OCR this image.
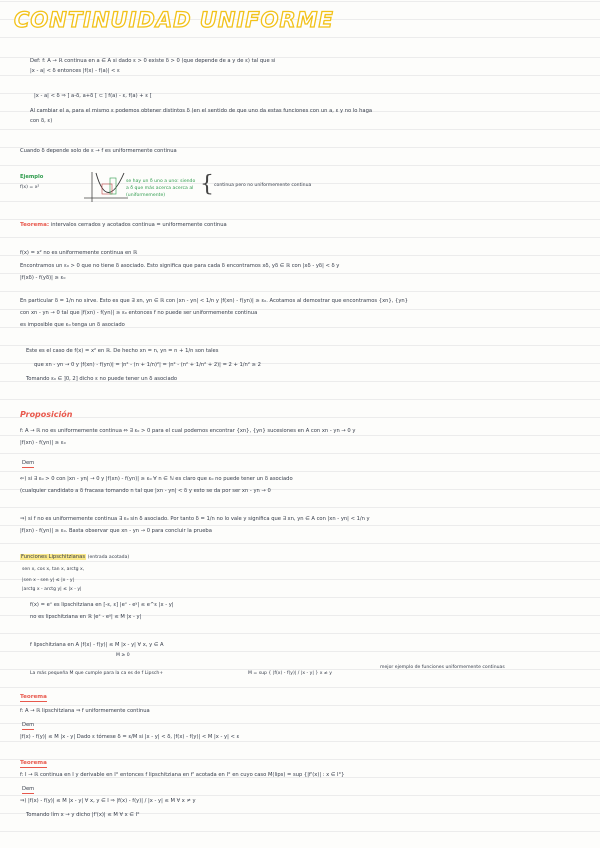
CONTINUIDAD UNIFORME
Def: f: A → ℝ continua en a ∈ A si dado ε > 0 existe δ > 0 (que depende de a y de ε) tal que si
|x - a| < δ entonces |f(x) - f(a)| < ε
|x - a| < δ ⇒ ] a-δ, a+δ [ ⊂ ] f(a) - ε, f(a) + ε [
Al cambiar el a, para el mismo ε podemos obtener distintos δ (en el sentido de que uno da estas funciones con un a, ε y no lo haga
con δ, ε)
Cuando δ depende solo de ε → f es uniformemente continua
Ejemplo
f(x) = x²
se hay un δ uno a uno: siendo
a δ que más acerca acerca al
(uniformemente) { continua pero no uniformemente continua
Teorema: intervalos cerrados y acotados continua = uniformemente continua
f(x) = x² no es uniformemente continua en ℝ
Encontramos un ε₀ > 0 que no tiene δ asociado. Esto significa que para cada δ encontramos xδ, yδ ∈ ℝ con |xδ - yδ| < δ y
|f(xδ) - f(yδ)| ≥ ε₀
En particular δ = 1/n no sirve. Esto es que ∃ xn, yn ∈ ℝ con |xn - yn| < 1/n y |f(xn) - f(yn)| ≥ ε₀. Acotamos al demostrar que encontramos {xn}, {yn}
con xn - yn → 0 tal que |f(xn) - f(yn)| ≥ ε₀ entonces f no puede ser uniformemente continua
es imposible que ε₀ tenga un δ asociado
Este es el caso de f(x) = x² en ℝ. De hecho xn = n, yn = n + 1/n son tales
que xn - yn → 0 y |f(xn) - f(yn)| = |n² - (n + 1/n)²| = |n² - (n² + 1/n² + 2)| = 2 + 1/n² ≥ 2
Tomando ε₀ ∈ ]0, 2] dicho ε no puede tener un δ asociado
Proposición
f: A → ℝ no es uniformemente continua ⇔ ∃ ε₀ > 0 para el cual podemos encontrar {xn}, {yn} sucesiones en A con xn - yn → 0 y
|f(xn) - f(yn)| ≥ ε₀
Dem
⇐) si ∃ ε₀ > 0 con |xn - yn| → 0 y |f(xn) - f(yn)| ≥ ε₀ ∀ n ∈ ℕ es claro que ε₀ no puede tener un δ asociado
(cualquier candidato a δ fracasa tomando n tal que |xn - yn| < δ y esto se da por ser xn - yn → 0
⇒) si f no es uniformemente continua ∃ ε₀ sin δ asociado. Por tanto δ = 1/n no lo vale y significa que ∃ xn, yn ∈ A con |xn - yn| < 1/n y
|f(xn) - f(yn)| ≥ ε₀. Basta observar que xn - yn → 0 para concluir la prueba
Funciones Lipschitzianas (entrada acotada)
sen x, cos x, tan x, arctg x,
|sen x - sen y| ≤ |x - y|
|arctg x - arctg y| ≤ |x - y|
f(x) = eˣ es lipschitziana en [-ε, ε] |eˣ - eʸ| ≤ e^ε |x - y|
no es lipschitziana en ℝ |eˣ - eʸ| ≤ M |x - y|
f lipschitziana en A |f(x) - f(y)| ≤ M |x - y| ∀ x, y ∈ A
M ≥ 0
La más pequeña M que cumple para la ca es de f Lipsch+	M = sup { |f(x) - f(y)| / |x - y| } x ≠ y
mejor ejemplo de funciones uniformemente continuas
Teorema
f: A → ℝ lipschitziana ⇒ f uniformemente continua
Dem
|f(x) - f(y)| ≤ M |x - y| Dado ε tómese δ = ε/M si |x - y| < δ, |f(x) - f(y)| < M |x - y| < ε
Teorema
f: I → ℝ continua en I y derivable en I° entonces f lipschitziana en f' acotada en I° en cuyo caso M(lips) = sup {|f'(x)| : x ∈ I°}
Dem
⇒) |f(x) - f(y)| ≤ M |x - y| ∀ x, y ∈ I ⇒ |f(x) - f(y)| / |x - y| ≤ M ∀ x ≠ y
Tomando lím x → y dicho |f'(x)| ≤ M ∀ x ∈ I°
